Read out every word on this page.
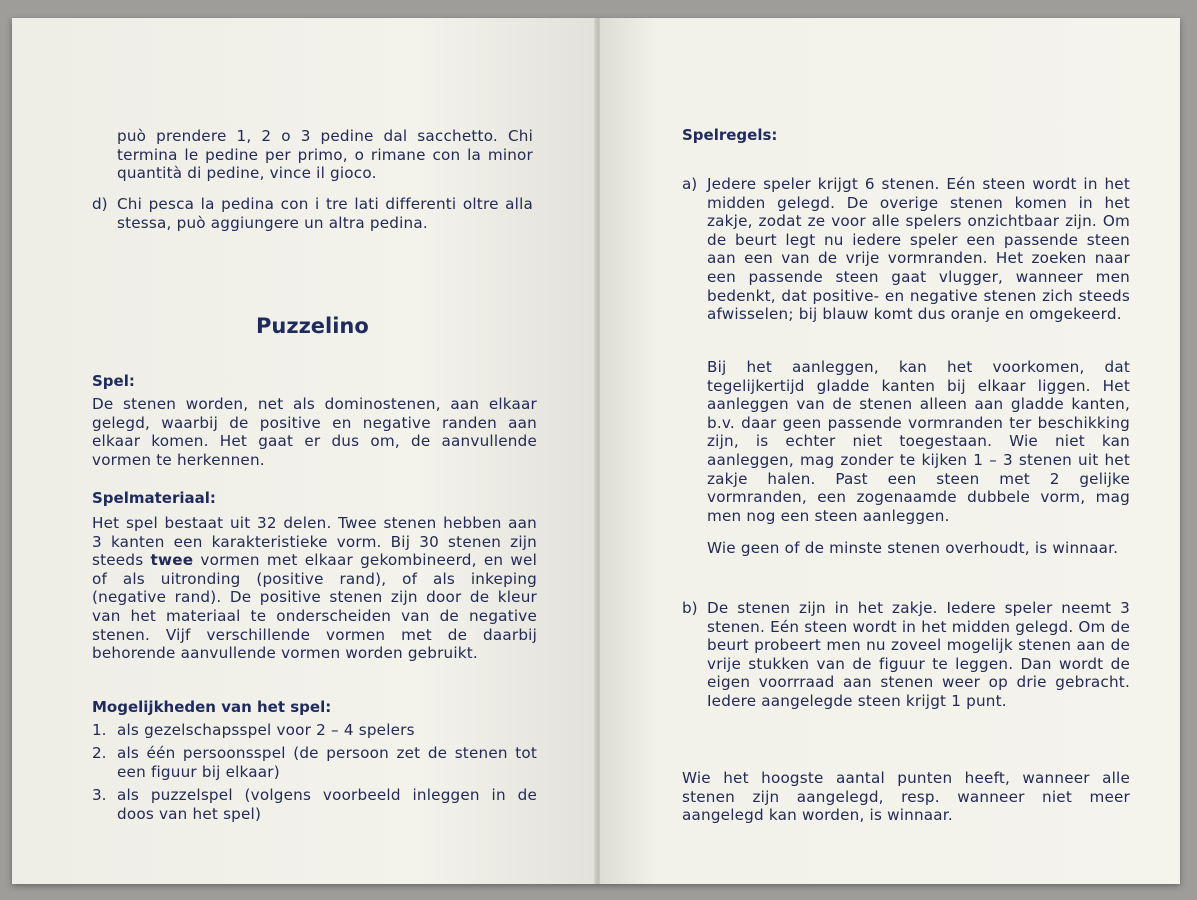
può prendere 1, 2 o 3 pedine dal sacchetto. Chi termina le pedine per primo, o rimane con la minor quantità di pedine, vince il gioco.
d) Chi pesca la pedina con i tre lati differenti oltre alla stessa, può aggiungere un altra pedina.
Puzzelino
Spel:
De stenen worden, net als dominostenen, aan elkaar gelegd, waarbij de positive en negative randen aan elkaar komen. Het gaat er dus om, de aanvullende vormen te herkennen.
Spelmateriaal:
Het spel bestaat uit 32 delen. Twee stenen hebben aan 3 kanten een karakteristieke vorm. Bij 30 stenen zijn steeds twee vormen met elkaar gekombineerd, en wel of als uitronding (positive rand), of als inkeping (negative rand). De positive stenen zijn door de kleur van het materiaal te onderscheiden van de negative stenen. Vijf verschillende vormen met de daarbij behorende aanvullende vormen worden gebruikt.
Mogelijkheden van het spel:
1. als gezelschapsspel voor 2 – 4 spelers
2. als één persoonsspel (de persoon zet de stenen tot een figuur bij elkaar)
3. als puzzelspel (volgens voorbeeld inleggen in de doos van het spel)
Spelregels:
a) Jedere speler krijgt 6 stenen. Eén steen wordt in het midden gelegd. De overige stenen komen in het zakje, zodat ze voor alle spelers onzichtbaar zijn. Om de beurt legt nu iedere speler een passende steen aan een van de vrije vormranden. Het zoeken naar een passende steen gaat vlugger, wanneer men bedenkt, dat positive- en negative stenen zich steeds afwisselen; bij blauw komt dus oranje en omgekeerd.
Bij het aanleggen, kan het voorkomen, dat tegelijkertijd gladde kanten bij elkaar liggen. Het aanleggen van de stenen alleen aan gladde kanten, b.v. daar geen passende vormranden ter beschikking zijn, is echter niet toegestaan. Wie niet kan aanleggen, mag zonder te kijken 1 – 3 stenen uit het zakje halen. Past een steen met 2 gelijke vormranden, een zogenaamde dubbele vorm, mag men nog een steen aanleggen.
Wie geen of de minste stenen overhoudt, is winnaar.
b) De stenen zijn in het zakje. Iedere speler neemt 3 stenen. Eén steen wordt in het midden gelegd. Om de beurt probeert men nu zoveel mogelijk stenen aan de vrije stukken van de figuur te leggen. Dan wordt de eigen voorrraad aan stenen weer op drie gebracht. Iedere aangelegde steen krijgt 1 punt.
Wie het hoogste aantal punten heeft, wanneer alle stenen zijn aangelegd, resp. wanneer niet meer aangelegd kan worden, is winnaar.
